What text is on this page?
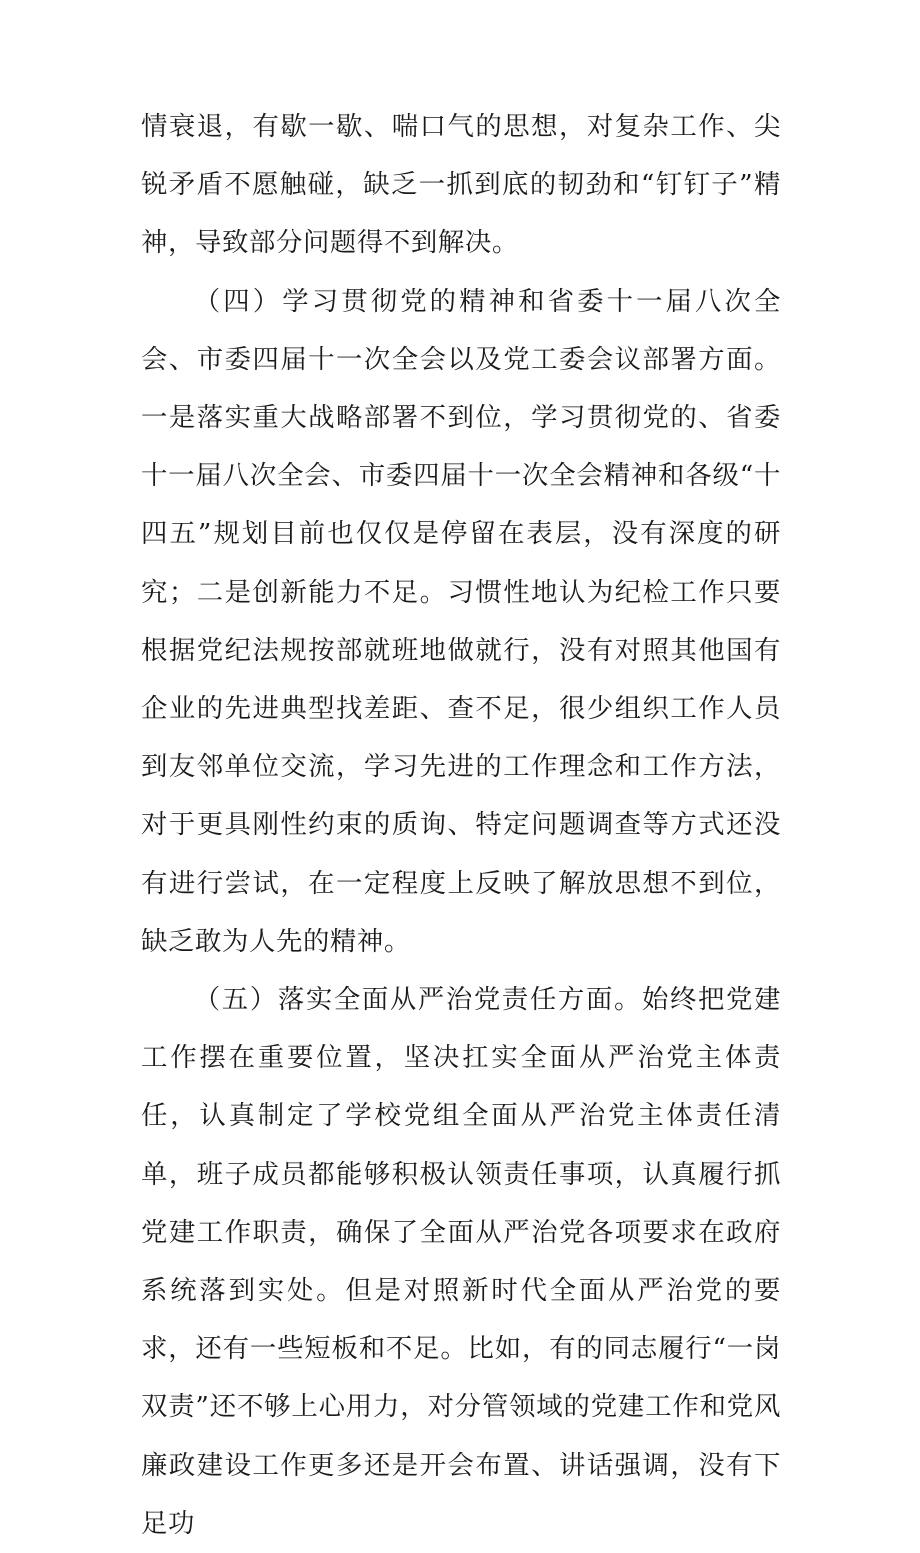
情衰退，有歇一歇、喘口气的思想，对复杂工作、尖锐矛盾不愿触碰，缺乏一抓到底的韧劲和“钉钉子”精神，导致部分问题得不到解决。

（四）学习贯彻党的精神和省委十一届八次全会、市委四届十一次全会以及党工委会议部署方面。一是落实重大战略部署不到位，学习贯彻党的、省委十一届八次全会、市委四届十一次全会精神和各级“十四五”规划目前也仅仅是停留在表层，没有深度的研究；二是创新能力不足。习惯性地认为纪检工作只要根据党纪法规按部就班地做就行，没有对照其他国有企业的先进典型找差距、查不足，很少组织工作人员到友邻单位交流，学习先进的工作理念和工作方法，对于更具刚性约束的质询、特定问题调查等方式还没有进行尝试，在一定程度上反映了解放思想不到位，缺乏敢为人先的精神。

（五）落实全面从严治党责任方面。始终把党建工作摆在重要位置，坚决扛实全面从严治党主体责任，认真制定了学校党组全面从严治党主体责任清单，班子成员都能够积极认领责任事项，认真履行抓党建工作职责，确保了全面从严治党各项要求在政府系统落到实处。但是对照新时代全面从严治党的要求，还有一些短板和不足。比如，有的同志履行“一岗双责”还不够上心用力，对分管领域的党建工作和党风廉政建设工作更多还是开会布置、讲话强调，没有下足功
